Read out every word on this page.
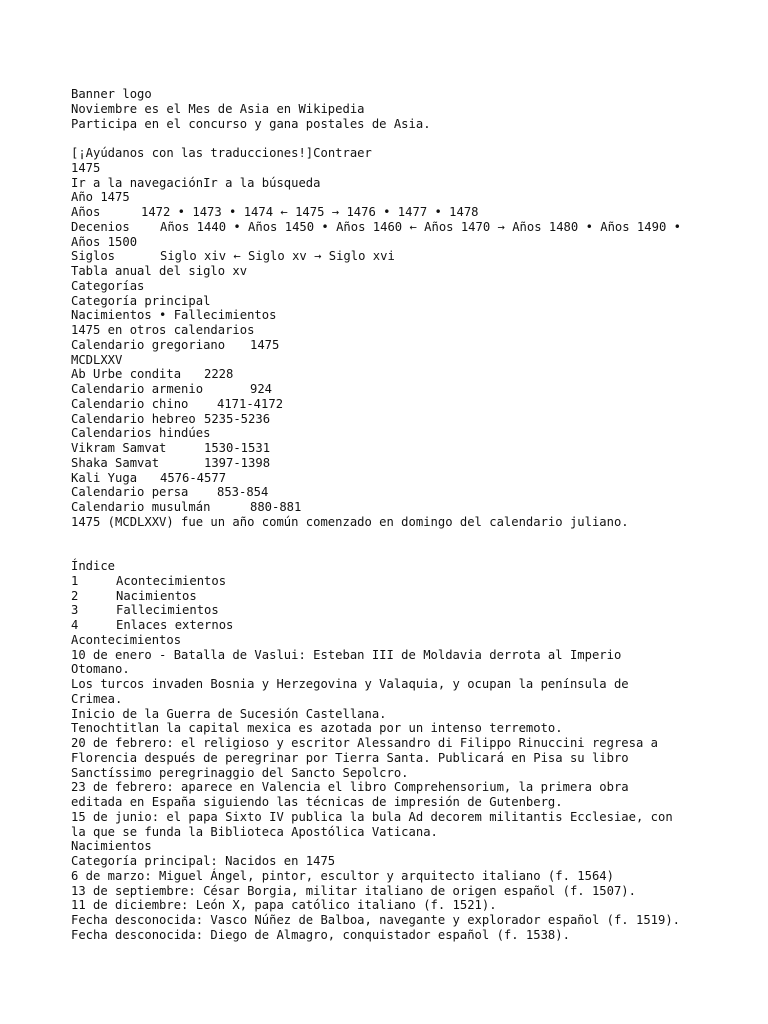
Banner logo
Noviembre es el Mes de Asia en Wikipedia
Participa en el concurso y gana postales de Asia.
[¡Ayúdanos con las traducciones!]Contraer
1475
Ir a la navegaciónIr a la búsqueda
Año 1475
Años	1472 • 1473 • 1474 ← 1475 → 1476 • 1477 • 1478
Decenios Años 1440 • Años 1450 • Años 1460 ← Años 1470 → Años 1480 • Años 1490 •
Años 1500
Siglos	Siglo xiv ← Siglo xv → Siglo xvi
Tabla anual del siglo xv
Categorías
Categoría principal
Nacimientos • Fallecimientos
1475 en otros calendarios
Calendario gregoriano 1475
MCDLXXV
Ab Urbe condita 2228
Calendario armenio	924
Calendario chino 4171-4172
Calendario hebreo 5235-5236
Calendarios hindúes
Vikram Samvat	1530-1531
Shaka Samvat	1397-1398
Kali Yuga 4576-4577
Calendario persa 853-854
Calendario musulmán	880-881
1475 (MCDLXXV) fue un año común comenzado en domingo del calendario juliano.
Índice
1	Acontecimientos
2	Nacimientos
3	Fallecimientos
4	Enlaces externos
Acontecimientos
10 de enero - Batalla de Vaslui: Esteban III de Moldavia derrota al Imperio
Otomano.
Los turcos invaden Bosnia y Herzegovina y Valaquia, y ocupan la península de
Crimea.
Inicio de la Guerra de Sucesión Castellana.
Tenochtitlan la capital mexica es azotada por un intenso terremoto.
20 de febrero: el religioso y escritor Alessandro di Filippo Rinuccini regresa a
Florencia después de peregrinar por Tierra Santa. Publicará en Pisa su libro
Sanctíssimo peregrinaggio del Sancto Sepolcro.
23 de febrero: aparece en Valencia el libro Comprehensorium, la primera obra
editada en España siguiendo las técnicas de impresión de Gutenberg.
15 de junio: el papa Sixto IV publica la bula Ad decorem militantis Ecclesiae, con
la que se funda la Biblioteca Apostólica Vaticana.
Nacimientos
Categoría principal: Nacidos en 1475
6 de marzo: Miguel Ángel, pintor, escultor y arquitecto italiano (f. 1564)
13 de septiembre: César Borgia, militar italiano de origen español (f. 1507).
11 de diciembre: León X, papa católico italiano (f. 1521).
Fecha desconocida: Vasco Núñez de Balboa, navegante y explorador español (f. 1519).
Fecha desconocida: Diego de Almagro, conquistador español (f. 1538).
